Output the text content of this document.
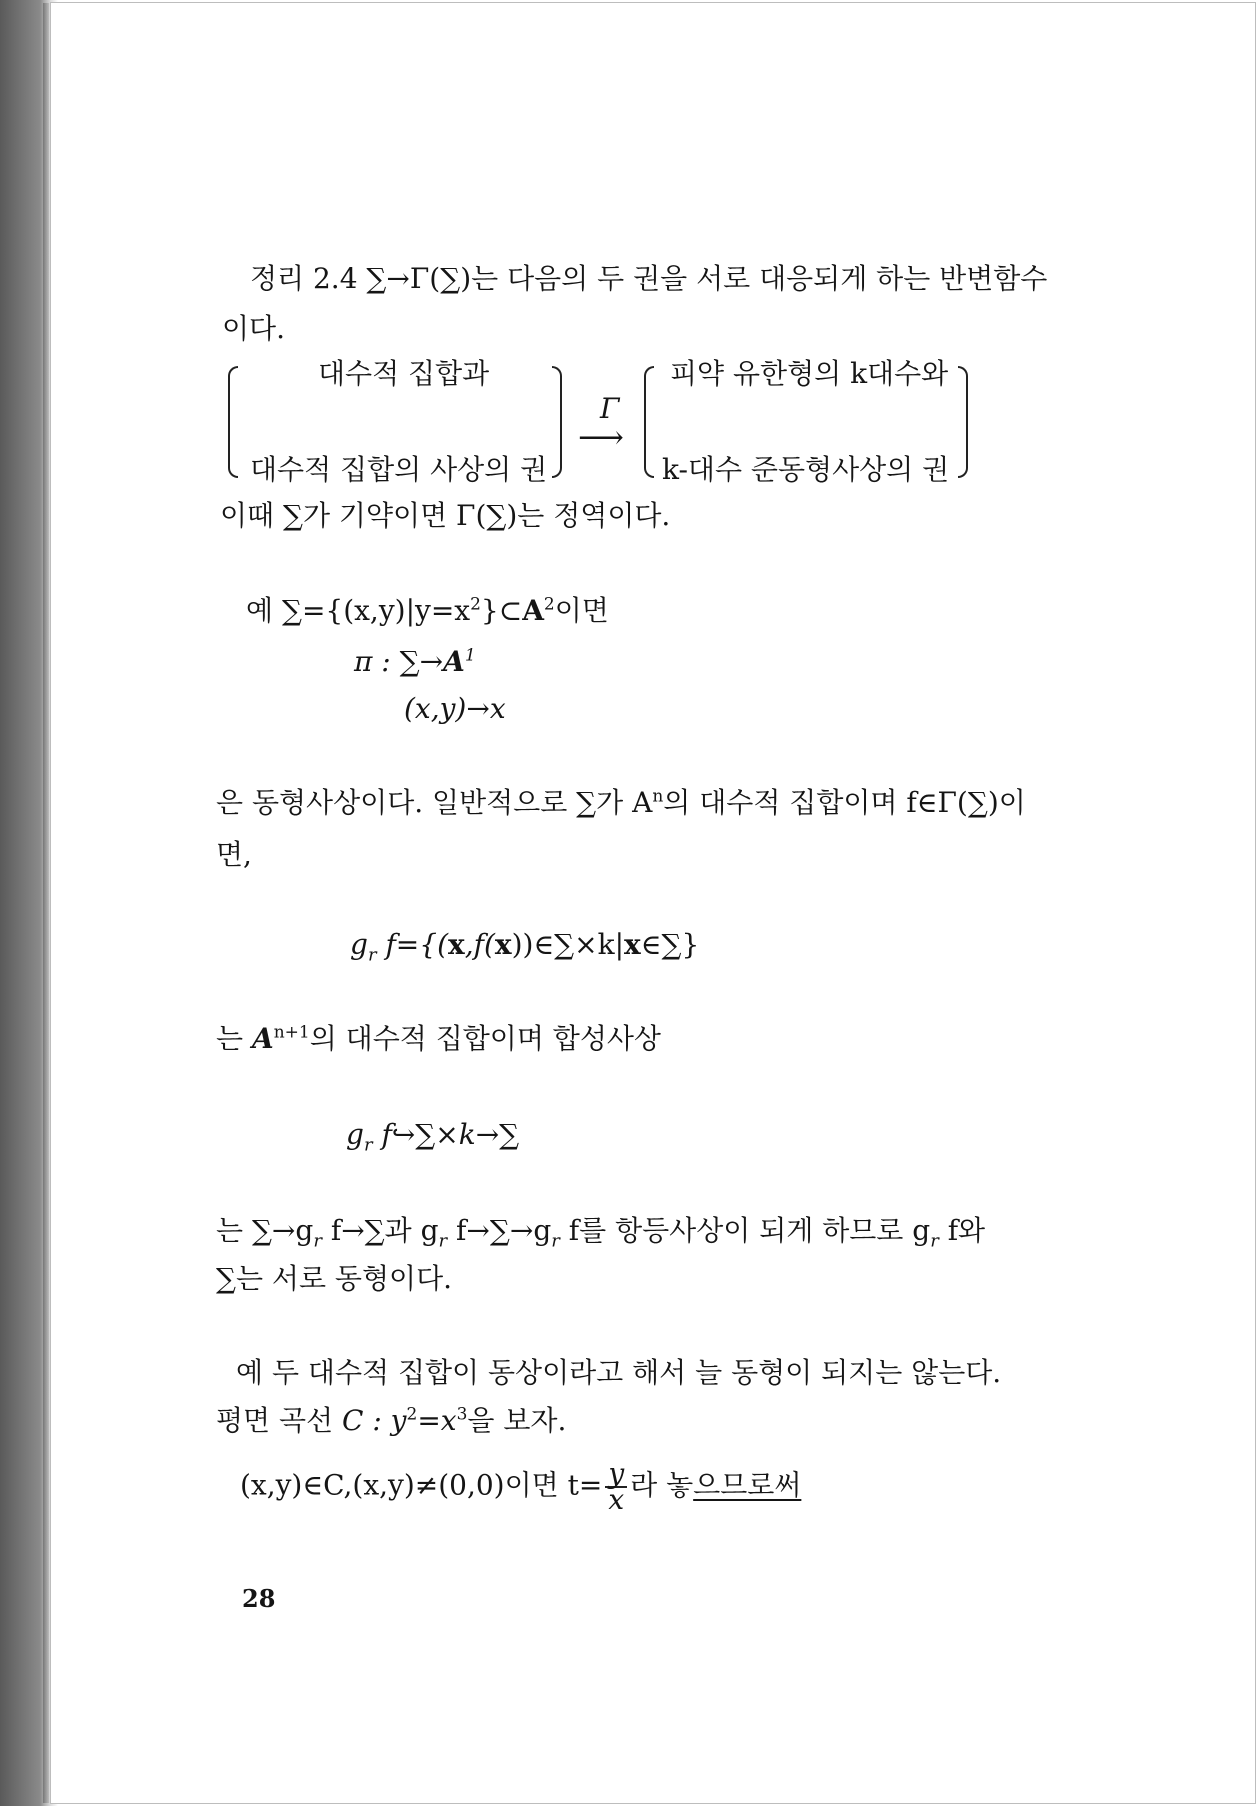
정리 2.4 ∑→Γ(∑)는 다음의 두 권을 서로 대응되게 하는 반변함수
이다.
대수적 집합과
대수적 집합의 사상의 권
Γ
⟶
피약 유한형의 k대수와
k-대수 준동형사상의 권
이때 ∑가 기약이면 Γ(∑)는 정역이다.
예 $\sum=\{(x,y)|y=x^2\}\subset A^2$이면
π : $\sum\to A^1$
(x,y)→x
은 동형사상이다. 일반적으로 ∑가 $A^n$의 대수적 집합이며 f∈Γ(∑)이
면,
$g_r$ f={(x,f(x))∈∑×k|x∈∑}
는 $A^{n+1}$의 대수적 집합이며 합성사상
$g_r$ f↪∑×k→∑
는 $\sum\to g_r$ f→∑과 $g_r$ $f\to\sum\to g_r$ f를 항등사상이 되게 하므로 $g_r$ f와
∑는 서로 동형이다.
예 두 대수적 집합이 동상이라고 해서 늘 동형이 되지는 않는다.
평면 곡선 C : $y^2=x^3$을 보자.
(x,y)∈C,(x,y)≠(0,0)이면 $t= \frac{y}{x}$ 라 놓으므로써
28
